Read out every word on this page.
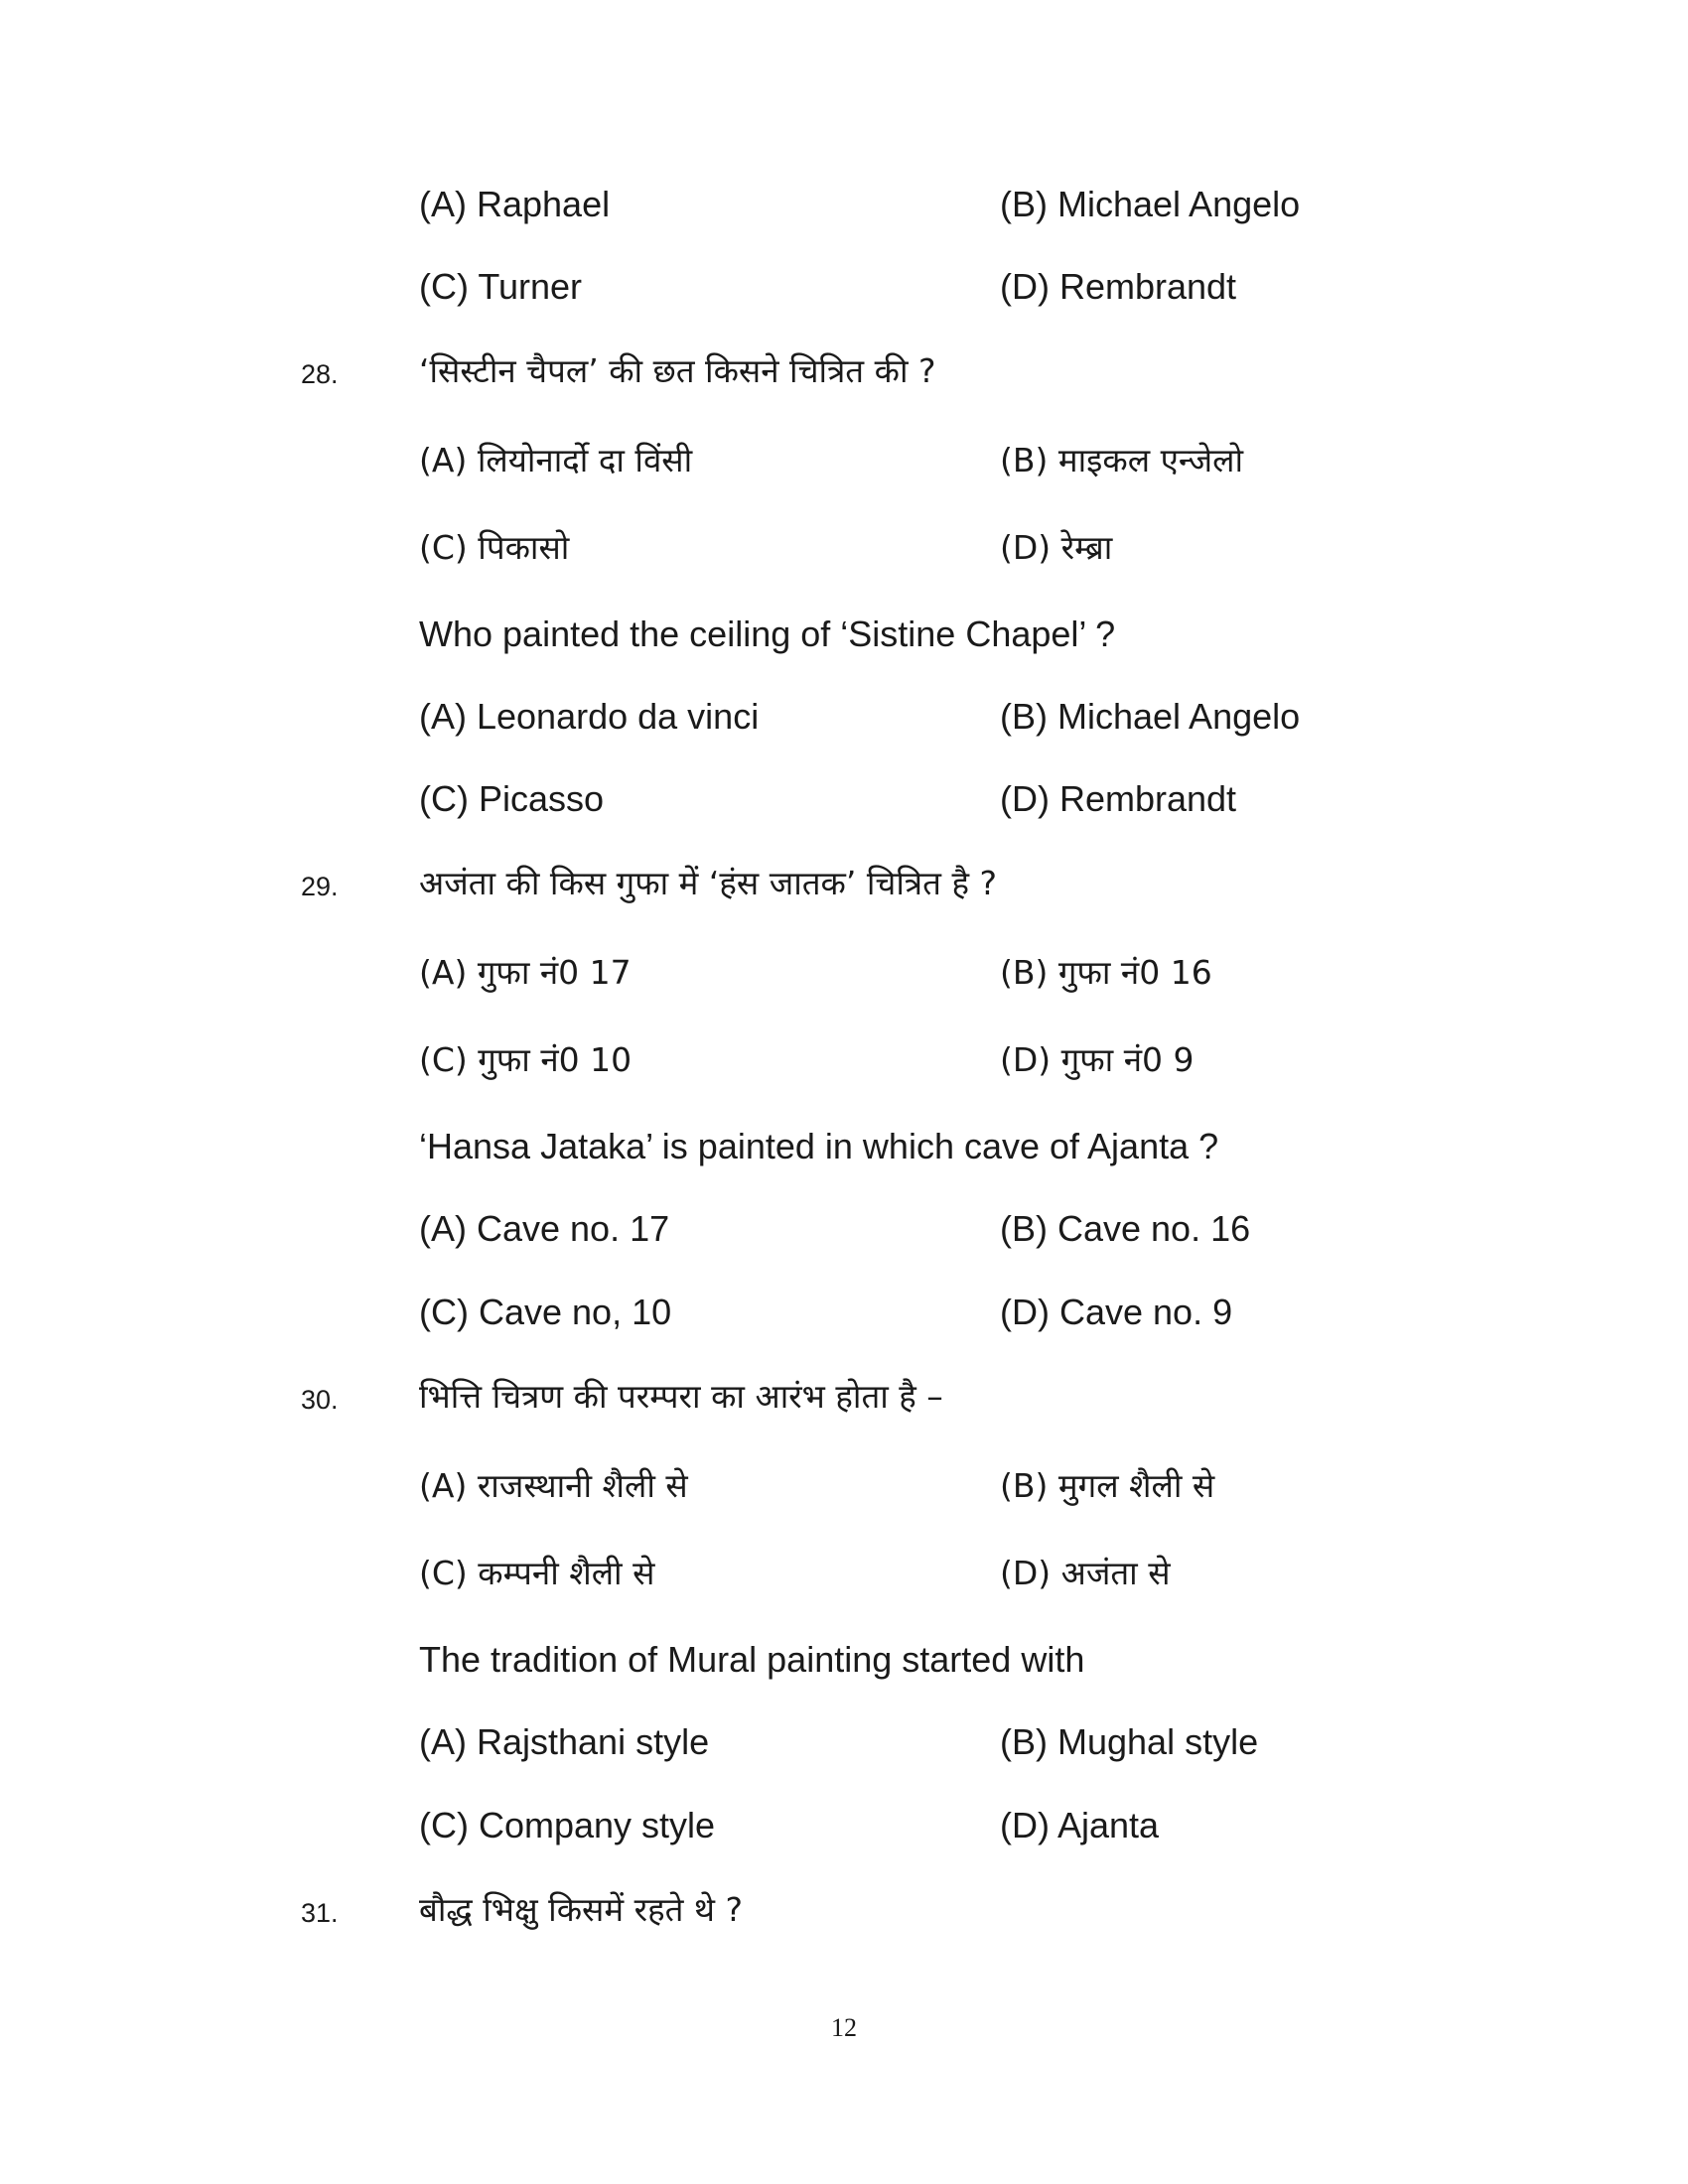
(A) Raphael	(B) Michael Angelo
(C) Turner	(D) Rembrandt
28. ‘सिस्टीन चैपल’ की छत किसने चित्रित की ?
(A) लियोनार्दो दा विंसी	(B) माइकल एन्जेलो
(C) पिकासो	(D) रेम्ब्रा
Who painted the ceiling of ‘Sistine Chapel’ ?
(A) Leonardo da vinci	(B) Michael Angelo
(C) Picasso	(D) Rembrandt
29. अजंता की किस गुफा में ‘हंस जातक’ चित्रित है ?
(A) गुफा नं0 17	(B) गुफा नं0 16
(C) गुफा नं0 10	(D) गुफा नं0 9
‘Hansa Jataka’ is painted in which cave of Ajanta ?
(A) Cave no. 17	(B) Cave no. 16
(C) Cave no, 10	(D) Cave no. 9
30. भित्ति चित्रण की परम्परा का आरंभ होता है –
(A) राजस्थानी शैली से	(B) मुगल शैली से
(C) कम्पनी शैली से	(D) अजंता से
The tradition of Mural painting started with
(A) Rajsthani style	(B) Mughal style
(C) Company style	(D) Ajanta
31. बौद्ध भिक्षु किसमें रहते थे ?
12
